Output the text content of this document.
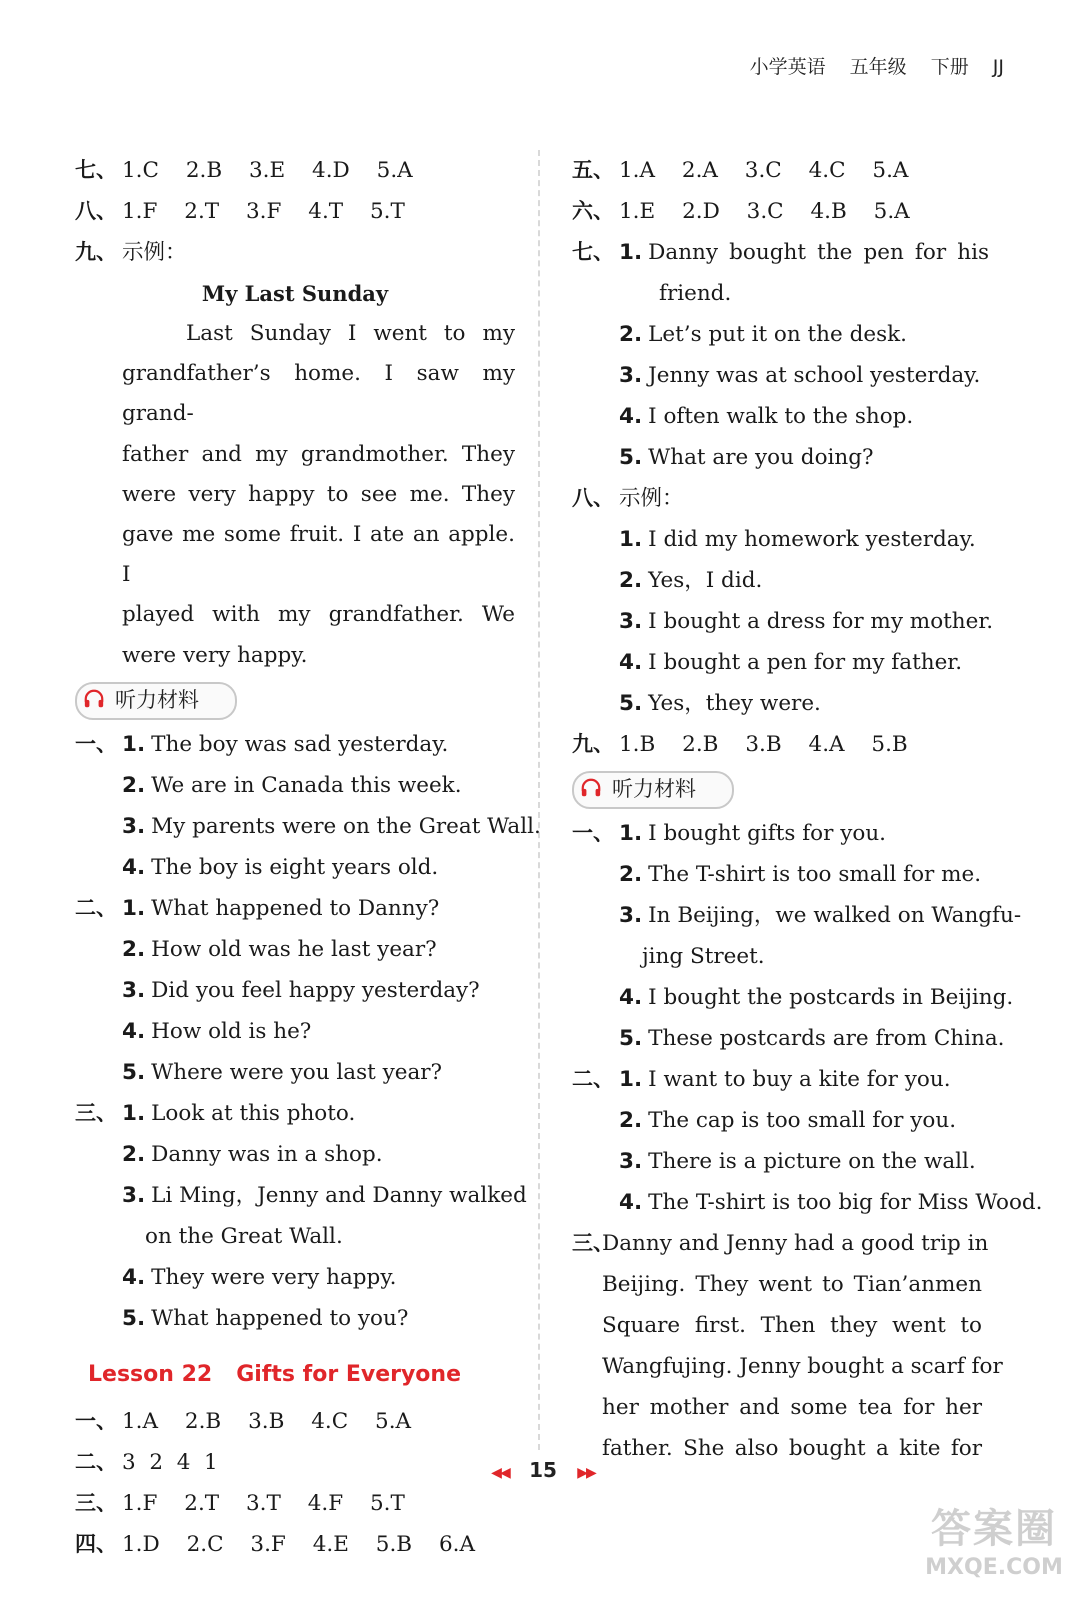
小学英语 五年级 下册 JJ
七、 1.C 2.B 3.E 4.D 5.A
八、 1.F 2.T 3.F 4.T 5.T
九、 示例：
My Last Sunday
Last Sunday I went to my
grandfather’s home. I saw my grand-
father and my grandmother. They
were very happy to see me. They
gave me some fruit. I ate an apple. I
played with my grandfather. We
were very happy.
听力材料
一、 1. The boy was sad yesterday.
2. We are in Canada this week.
3. My parents were on the Great Wall.
4. The boy is eight years old.
二、 1. What happened to Danny?
2. How old was he last year?
3. Did you feel happy yesterday?
4. How old is he?
5. Where were you last year?
三、 1. Look at this photo.
2. Danny was in a shop.
3. Li Ming，Jenny and Danny walked
on the Great Wall.
4. They were very happy.
5. What happened to you?
Lesson 22 Gifts for Everyone
一、 1.A 2.B 3.B 4.C 5.A
二、 3  2  4  1
三、 1.F 2.T 3.T 4.F 5.T
四、 1.D 2.C 3.F 4.E 5.B 6.A
五、 1.A 2.A 3.C 4.C 5.A
六、 1.E 2.D 3.C 4.B 5.A
七、 1. Danny bought the pen for his
friend.
2. Let’s put it on the desk.
3. Jenny was at school yesterday.
4. I often walk to the shop.
5. What are you doing?
八、 示例：
1. I did my homework yesterday.
2. Yes，I did.
3. I bought a dress for my mother.
4. I bought a pen for my father.
5. Yes，they were.
九、 1.B 2.B 3.B 4.A 5.B
听力材料
一、 1. I bought gifts for you.
2. The T-shirt is too small for me.
3. In Beijing，we walked on Wangfu-
jing Street.
4. I bought the postcards in Beijing.
5. These postcards are from China.
二、 1. I want to buy a kite for you.
2. The cap is too small for you.
3. There is a picture on the wall.
4. The T-shirt is too big for Miss Wood.
三、
Danny and Jenny had a good trip in
Beijing. They went to Tian’anmen
Square first. Then they went to
Wangfujing. Jenny bought a scarf for
her mother and some tea for her
father. She also bought a kite for
◀◀ 15 ▶▶
答案圈
MXQE.COM
